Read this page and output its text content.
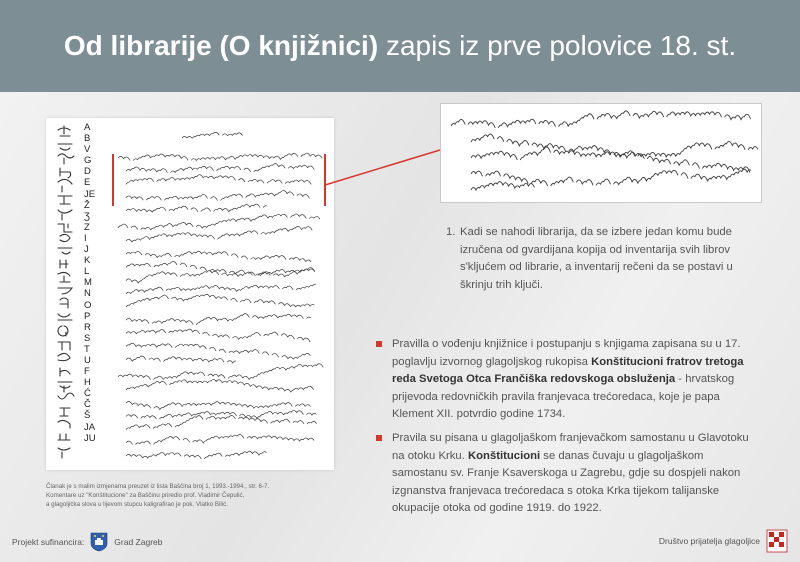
Od librarije (O knjižnici) zapis iz prve polovice 18. st.
A
B
V
G
D
E
JE
Ž
Ʒ
Z
I
J
K
L
M
N
O
P
R
S
T
U
F
H
Ć
Č
Š
JA
JU
Članak je s malim izmjenama preuzet iz lista Baščina broj 1, 1993.-1994., str. 6-7.
Komentare uz "Konštitucione" za Baščinu priredio prof. Vladimir Čepulić,
a glagoljička slova u lijevom stupcu kaligrafirao je pok. Vlatko Bilić.
1. Kadi se nahodi librarija, da se izbere jedan komu bude izručena od gvardijana kopija od inventarija svih librov s'kljućem od librarie, a inventarij rečeni da se postavi u škrinju trih ključi.
Pravilla o vođenju knjižnice i postupanju s knjigama zapisana su u 17. poglavlju izvornog glagoljskog rukopisa Konštitucioni fratrov tretoga reda Svetoga Otca Frančiška redovskoga obsluženja - hrvatskog prijevoda redovničkih pravila franjevaca trećoredaca, koje je papa Klement XII. potvrdio godine 1734.
Pravila su pisana u glagoljaškom franjevačkom samostanu u Glavotoku na otoku Krku. Konštitucioni se danas čuvaju u glagoljaškom samostanu sv. Franje Ksaverskoga u Zagrebu, gdje su dospjeli nakon izgnanstva franjevaca trećoredaca s otoka Krka tijekom talijanske okupacije otoka od godine 1919. do 1922.
Projekt sufinancira:	Grad Zagreb	Društvo prijatelja glagoljice
